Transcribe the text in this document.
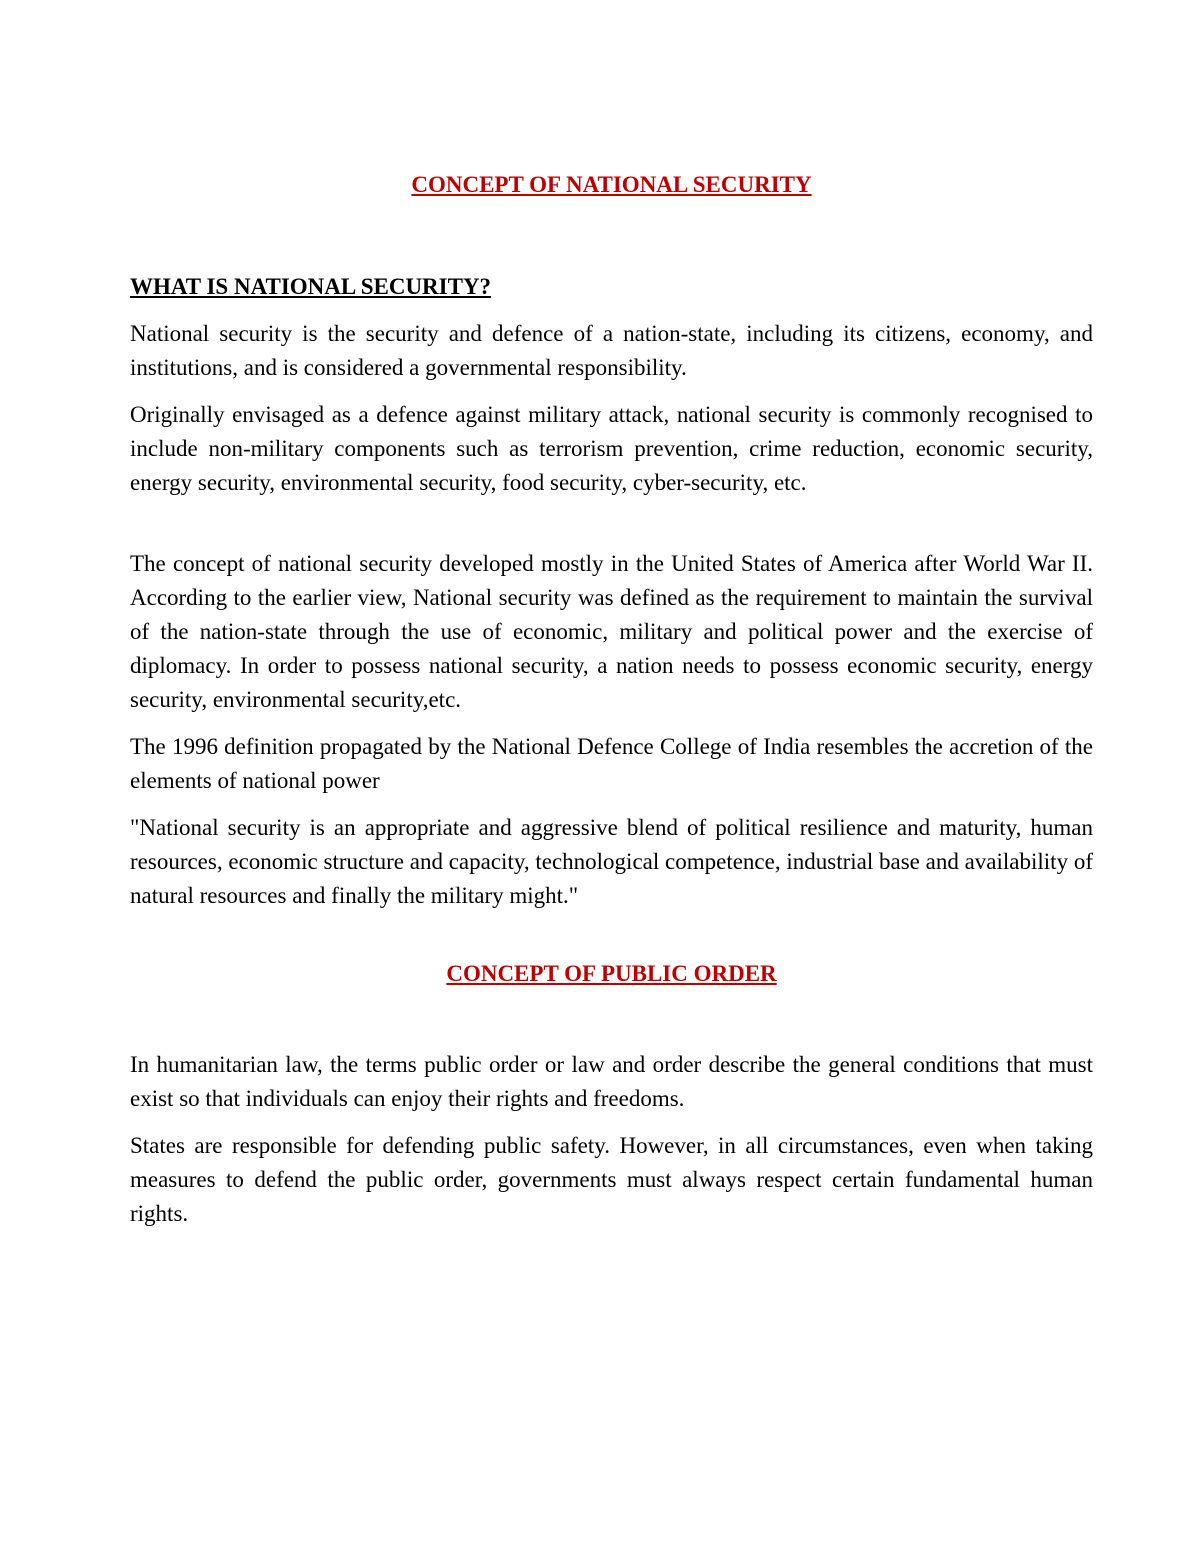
CONCEPT OF NATIONAL SECURITY
WHAT IS NATIONAL SECURITY?

National security is the security and defence of a nation-state, including its citizens, economy, and institutions, and is considered a governmental responsibility.

Originally envisaged as a defence against military attack, national security is commonly recognised to include non-military components such as terrorism prevention, crime reduction, economic security, energy security, environmental security, food security, cyber-security, etc.

The concept of national security developed mostly in the United States of America after World War II. According to the earlier view, National security was defined as the requirement to maintain the survival of the nation-state through the use of economic, military and political power and the exercise of diplomacy. In order to possess national security, a nation needs to possess economic security, energy security, environmental security,etc.

The 1996 definition propagated by the National Defence College of India resembles the accretion of the elements of national power

"National security is an appropriate and aggressive blend of political resilience and maturity, human resources, economic structure and capacity, technological competence, industrial base and availability of natural resources and finally the military might."

CONCEPT OF PUBLIC ORDER

In humanitarian law, the terms public order or law and order describe the general conditions that must exist so that individuals can enjoy their rights and freedoms.

States are responsible for defending public safety. However, in all circumstances, even when taking measures to defend the public order, governments must always respect certain fundamental human rights.
